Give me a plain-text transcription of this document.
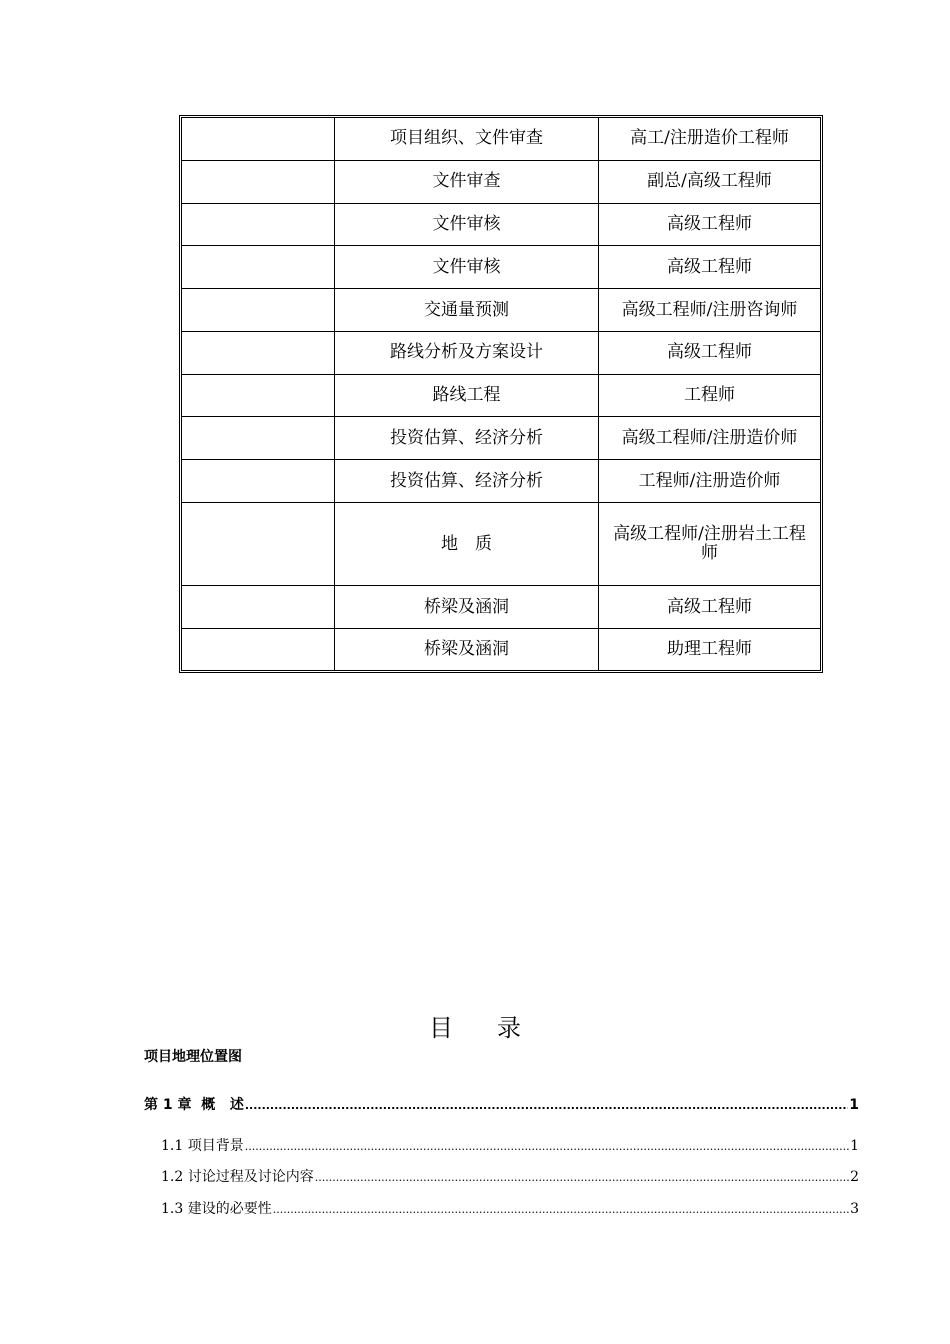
	项目组织、文件审查	高工/注册造价工程师
	文件审查	副总/高级工程师
	文件审核	高级工程师
	文件审核	高级工程师
	交通量预测	高级工程师/注册咨询师
	路线分析及方案设计	高级工程师
	路线工程	工程师
	投资估算、经济分析	高级工程师/注册造价师
	投资估算、经济分析	工程师/注册造价师
	地　质	高级工程师/注册岩土工程师
	桥梁及涵洞	高级工程师
	桥梁及涵洞	助理工程师
目录
项目地理位置图
第 1 章  概   述 .....	1
1.1 项目背景 .....	1
1.2 讨论过程及讨论内容 .....	2
1.3 建设的必要性 .....	3
